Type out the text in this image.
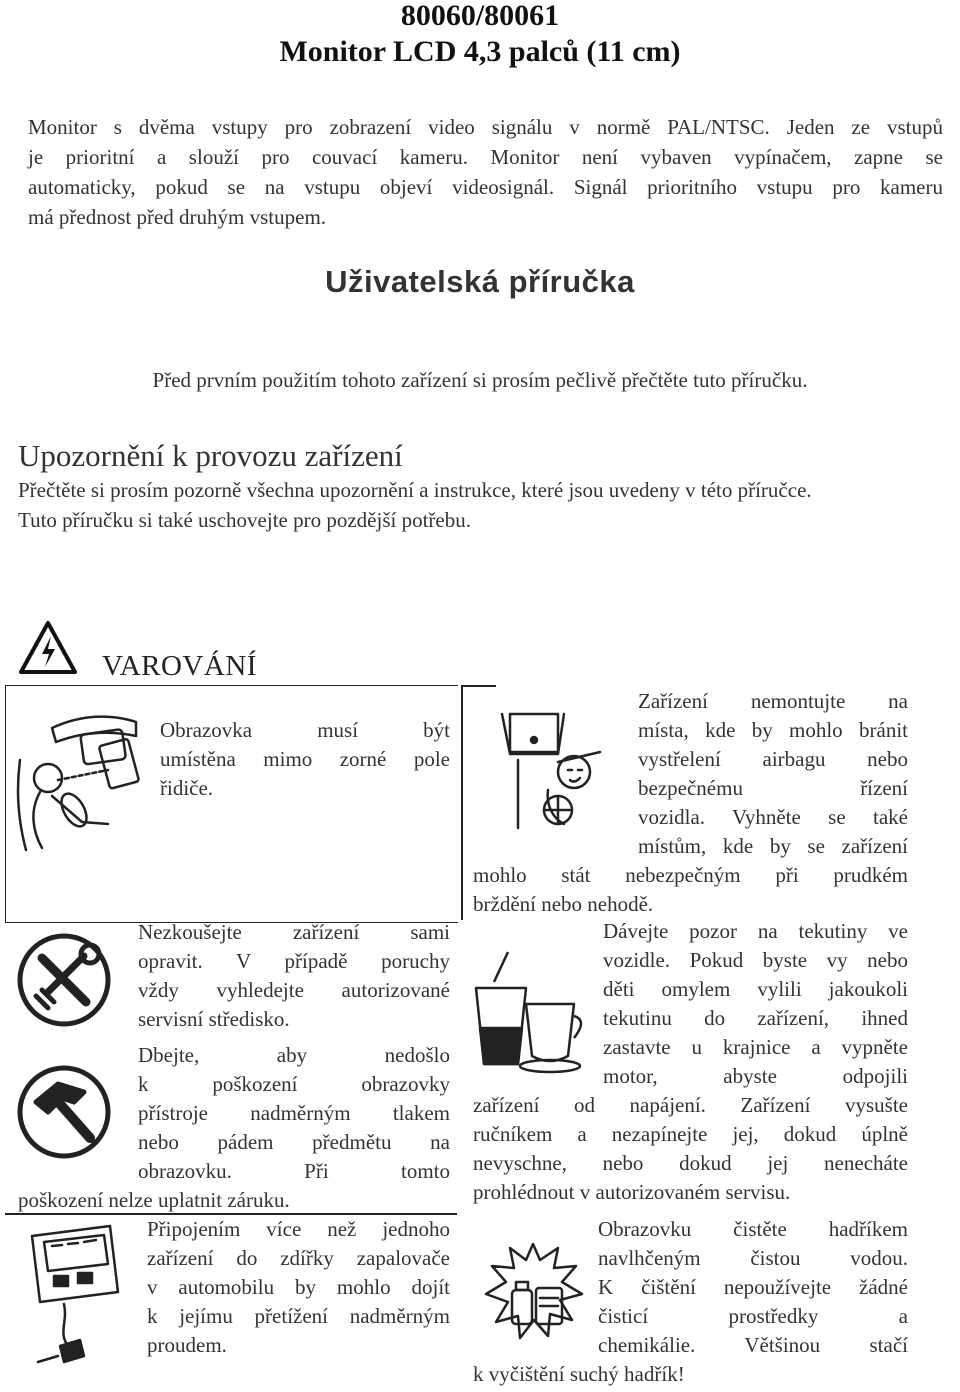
80060/80061
Monitor LCD 4,3 palců (11 cm)
Monitor s dvěma vstupy pro zobrazení video signálu v normě PAL/NTSC. Jeden ze vstupů
je prioritní a slouží pro couvací kameru. Monitor není vybaven vypínačem, zapne se
automaticky, pokud se na vstupu objeví videosignál. Signál prioritního vstupu pro kameru
má přednost před druhým vstupem.
Uživatelská příručka
Před prvním použitím tohoto zařízení si prosím pečlivě přečtěte tuto příručku.
Upozornění k provozu zařízení
Přečtěte si prosím pozorně všechna upozornění a instrukce, které jsou uvedeny v této příručce.
Tuto příručku si také uschovejte pro pozdější potřebu.
VAROVÁNÍ
Obrazovka musí být
umístěna mimo zorné pole
řidiče.
Zařízení nemontujte na
místa, kde by mohlo bránit
vystřelení airbagu nebo
bezpečnému řízení
vozidla. Vyhněte se také
místům, kde by se zařízení
mohlo stát nebezpečným při prudkém
brždění nebo nehodě.
Nezkoušejte zařízení sami
opravit. V případě poruchy
vždy vyhledejte autorizované
servisní středisko.
Dávejte pozor na tekutiny ve
vozidle. Pokud byste vy nebo
děti omylem vylili jakoukoli
tekutinu do zařízení, ihned
zastavte u krajnice a vypněte
motor, abyste odpojili
zařízení od napájení. Zařízení vysušte
ručníkem a nezapínejte jej, dokud úplně
nevyschne, nebo dokud jej nenecháte
prohlédnout v autorizovaném servisu.
Dbejte, aby nedošlo
k poškození obrazovky
přístroje nadměrným tlakem
nebo pádem předmětu na
obrazovku. Při tomto
poškození nelze uplatnit záruku.
Připojením více než jednoho
zařízení do zdířky zapalovače
v automobilu by mohlo dojít
k jejímu přetížení nadměrným
proudem.
Obrazovku čistěte hadříkem
navlhčeným čistou vodou.
K čištění nepoužívejte žádné
čisticí prostředky a
chemikálie. Většinou stačí
k vyčištění suchý hadřík!
